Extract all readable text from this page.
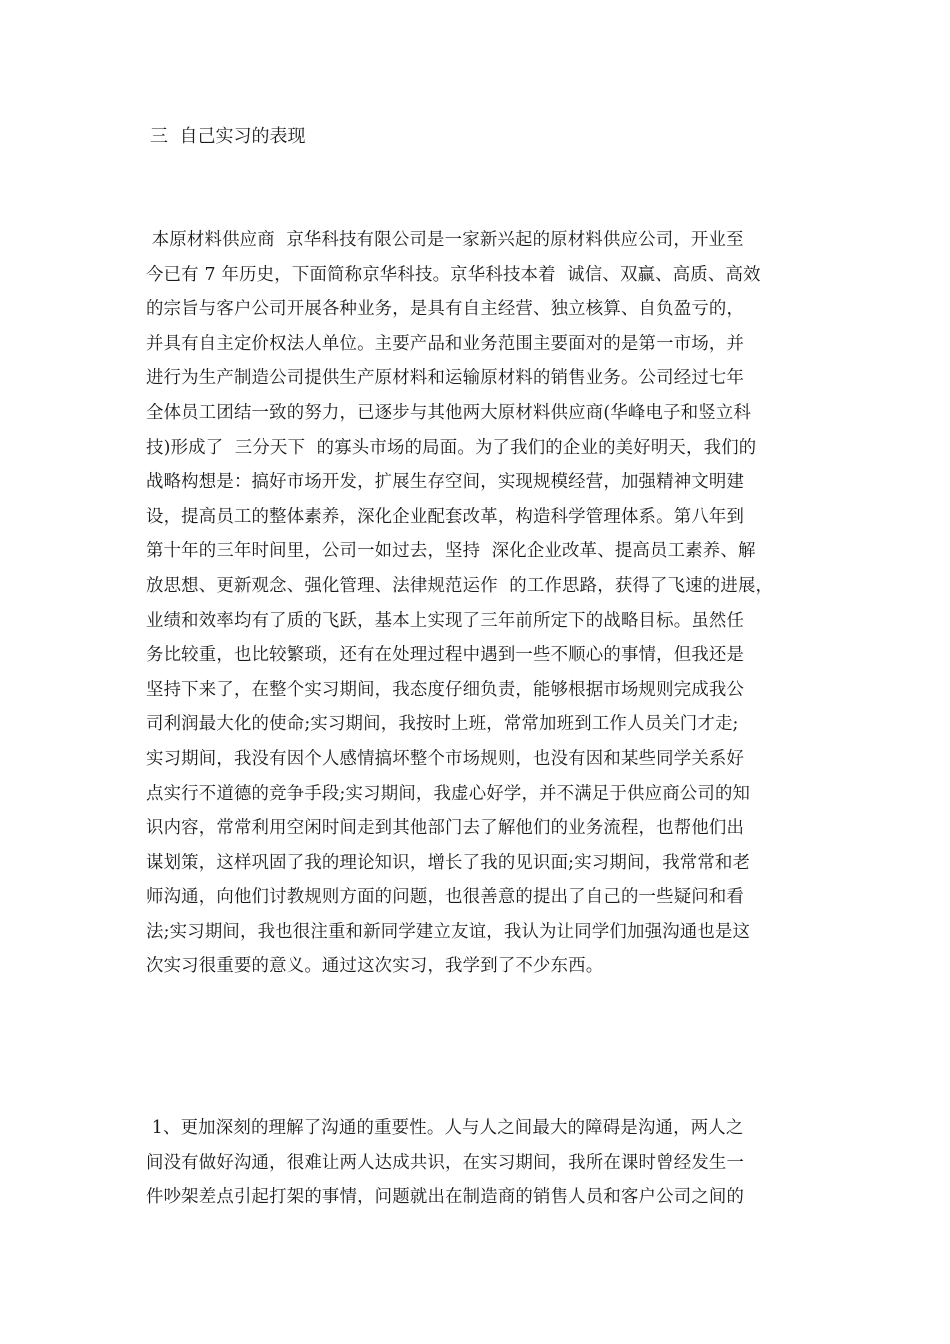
三  自己实习的表现
本原材料供应商  京华科技有限公司是一家新兴起的原材料供应公司，开业至
今已有 7 年历史，下面简称京华科技。京华科技本着  诚信、双赢、高质、高效
的宗旨与客户公司开展各种业务，是具有自主经营、独立核算、自负盈亏的，
并具有自主定价权法人单位。主要产品和业务范围主要面对的是第一市场，并
进行为生产制造公司提供生产原材料和运输原材料的销售业务。公司经过七年
全体员工团结一致的努力，已逐步与其他两大原材料供应商(华峰电子和竖立科
技)形成了  三分天下  的寡头市场的局面。为了我们的企业的美好明天，我们的
战略构想是：搞好市场开发，扩展生存空间，实现规模经营，加强精神文明建
设，提高员工的整体素养，深化企业配套改革，构造科学管理体系。第八年到
第十年的三年时间里，公司一如过去，坚持  深化企业改革、提高员工素养、解
放思想、更新观念、强化管理、法律规范运作  的工作思路，获得了飞速的进展，
业绩和效率均有了质的飞跃，基本上实现了三年前所定下的战略目标。虽然任
务比较重，也比较繁琐，还有在处理过程中遇到一些不顺心的事情，但我还是
坚持下来了，在整个实习期间，我态度仔细负责，能够根据市场规则完成我公
司利润最大化的使命;实习期间，我按时上班，常常加班到工作人员关门才走;
实习期间，我没有因个人感情搞坏整个市场规则，也没有因和某些同学关系好
点实行不道德的竞争手段;实习期间，我虚心好学，并不满足于供应商公司的知
识内容，常常利用空闲时间走到其他部门去了解他们的业务流程，也帮他们出
谋划策，这样巩固了我的理论知识，增长了我的见识面;实习期间，我常常和老
师沟通，向他们讨教规则方面的问题，也很善意的提出了自己的一些疑问和看
法;实习期间，我也很注重和新同学建立友谊，我认为让同学们加强沟通也是这
次实习很重要的意义。通过这次实习，我学到了不少东西。
1、更加深刻的理解了沟通的重要性。人与人之间最大的障碍是沟通，两人之
间没有做好沟通，很难让两人达成共识，在实习期间，我所在课时曾经发生一
件吵架差点引起打架的事情，问题就出在制造商的销售人员和客户公司之间的
